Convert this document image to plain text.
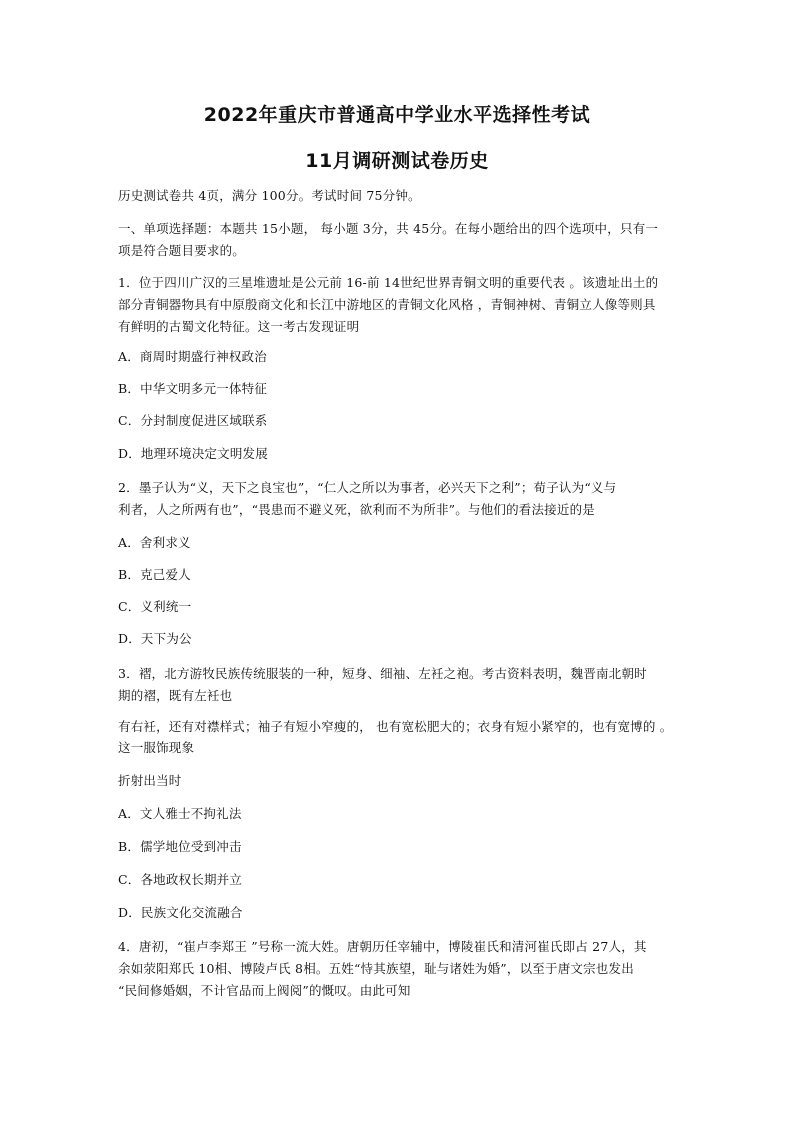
2022年重庆市普通高中学业水平选择性考试
11月调研测试卷历史
历史测试卷共 4页，满分 100分。考试时间 75分钟。
一、单项选择题：本题共 15小题， 每小题 3分，共 45分。在每小题给出的四个选项中，只有一
项是符合题目要求的。
1．位于四川广汉的三星堆遗址是公元前 16-前 14世纪世界青铜文明的重要代表 。该遗址出土的
部分青铜器物具有中原殷商文化和长江中游地区的青铜文化风格 ，青铜神树、青铜立人像等则具
有鲜明的古蜀文化特征。这一考古发现证明
A．商周时期盛行神权政治
B．中华文明多元一体特征
C．分封制度促进区域联系
D．地理环境决定文明发展
2．墨子认为“义，天下之良宝也”，“仁人之所以为事者，必兴天下之利”；荀子认为“义与
利者，人之所两有也”，“畏患而不避义死，欲利而不为所非”。与他们的看法接近的是
A．舍利求义
B．克己爱人
C．义利统一
D．天下为公
3．褶，北方游牧民族传统服装的一种，短身、细袖、左衽之袍。考古资料表明，魏晋南北朝时
期的褶，既有左衽也
有右衽，还有对襟样式；袖子有短小窄瘦的， 也有宽松肥大的；衣身有短小紧窄的，也有宽博的 。
这一服饰现象
折射出当时
A．文人雅士不拘礼法
B．儒学地位受到冲击
C．各地政权长期并立
D．民族文化交流融合
4．唐初，“崔卢李郑王 ”号称一流大姓。唐朝历任宰辅中，博陵崔氏和清河崔氏即占 27人，其
余如荥阳郑氏 10相、博陵卢氏 8相。五姓“恃其族望，耻与诸姓为婚”，以至于唐文宗也发出
“民间修婚姻，不计官品而上阀阅”的慨叹。由此可知
